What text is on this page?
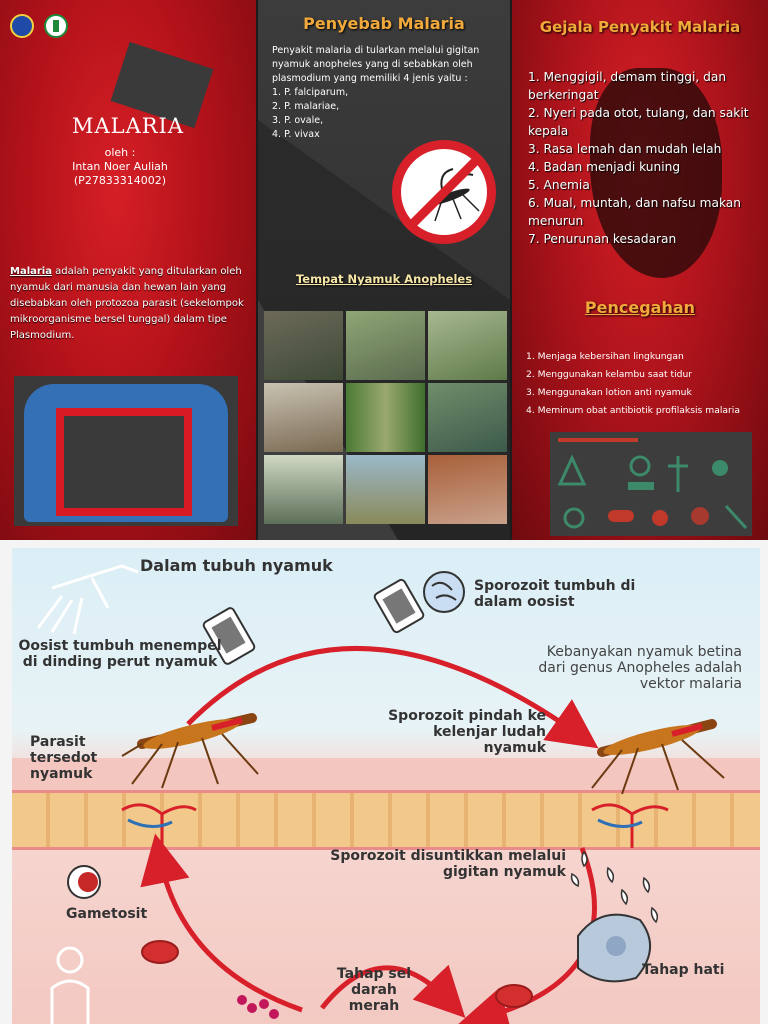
MALARIA
oleh :
Intan Noer Auliah
(P27833314002)
Malaria adalah penyakit yang ditularkan oleh nyamuk dari manusia dan hewan lain yang disebabkan oleh protozoa parasit (sekelompok mikroorganisme bersel tunggal) dalam tipe Plasmodium.
Penyebab Malaria
Penyakit malaria di tularkan melalui gigitan nyamuk anopheles yang di sebabkan oleh plasmodium yang memiliki 4 jenis yaitu :
1. P. falciparum,
2. P. malariae,
3. P. ovale,
4. P. vivax
Tempat Nyamuk Anopheles
Gejala Penyakit Malaria
1. Menggigil, demam tinggi, dan berkeringat
2. Nyeri pada otot, tulang, dan sakit kepala
3. Rasa lemah dan mudah lelah
4. Badan menjadi kuning
5. Anemia
6. Mual, muntah, dan nafsu makan menurun
7. Penurunan kesadaran
Pencegahan
1. Menjaga kebersihan lingkungan
2. Menggunakan kelambu saat tidur
3. Menggunakan lotion anti nyamuk
4. Meminum obat antibiotik profilaksis malaria
Dalam tubuh nyamuk
Sporozoit tumbuh di dalam oosist
Oosist tumbuh menempel di dinding perut nyamuk
Kebanyakan nyamuk betina dari genus Anopheles adalah vektor malaria
Sporozoit pindah ke kelenjar ludah nyamuk
Parasit tersedot nyamuk
Sporozoit disuntikkan melalui gigitan nyamuk
Gametosit
Tahap hati
Tahap sel darah merah
